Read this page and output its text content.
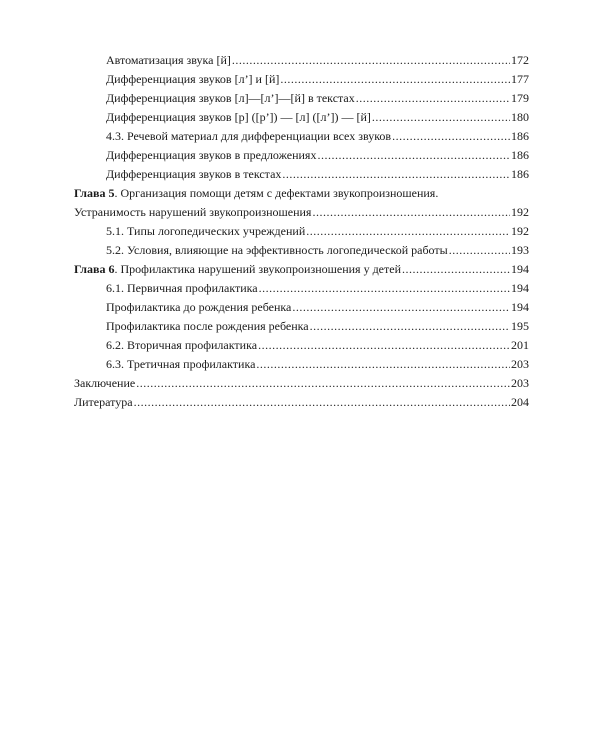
Автоматизация звука [й] .....	172
Дифференциация звуков [л’] и [й] .....	177
Дифференциация звуков [л]—[л’]—[й] в текстах .....	179
Дифференциация звуков [р] ([р’]) — [л] ([л’]) — [й] .....	180
4.3. Речевой материал для дифференциации всех звуков .....	186
Дифференциация звуков в предложениях .....	186
Дифференциация звуков в текстах .....	186
Глава 5. Организация помощи детям с дефектами звукопроизношения.
Устранимость нарушений звукопроизношения .....	192
5.1. Типы логопедических учреждений .....	192
5.2. Условия, влияющие на эффективность логопедической работы .....	193
Глава 6. Профилактика нарушений звукопроизношения у детей .....	194
6.1. Первичная профилактика .....	194
Профилактика до рождения ребенка .....	194
Профилактика после рождения ребенка .....	195
6.2. Вторичная профилактика .....	201
6.3. Третичная профилактика .....	203
Заключение .....	203
Литература .....	204
